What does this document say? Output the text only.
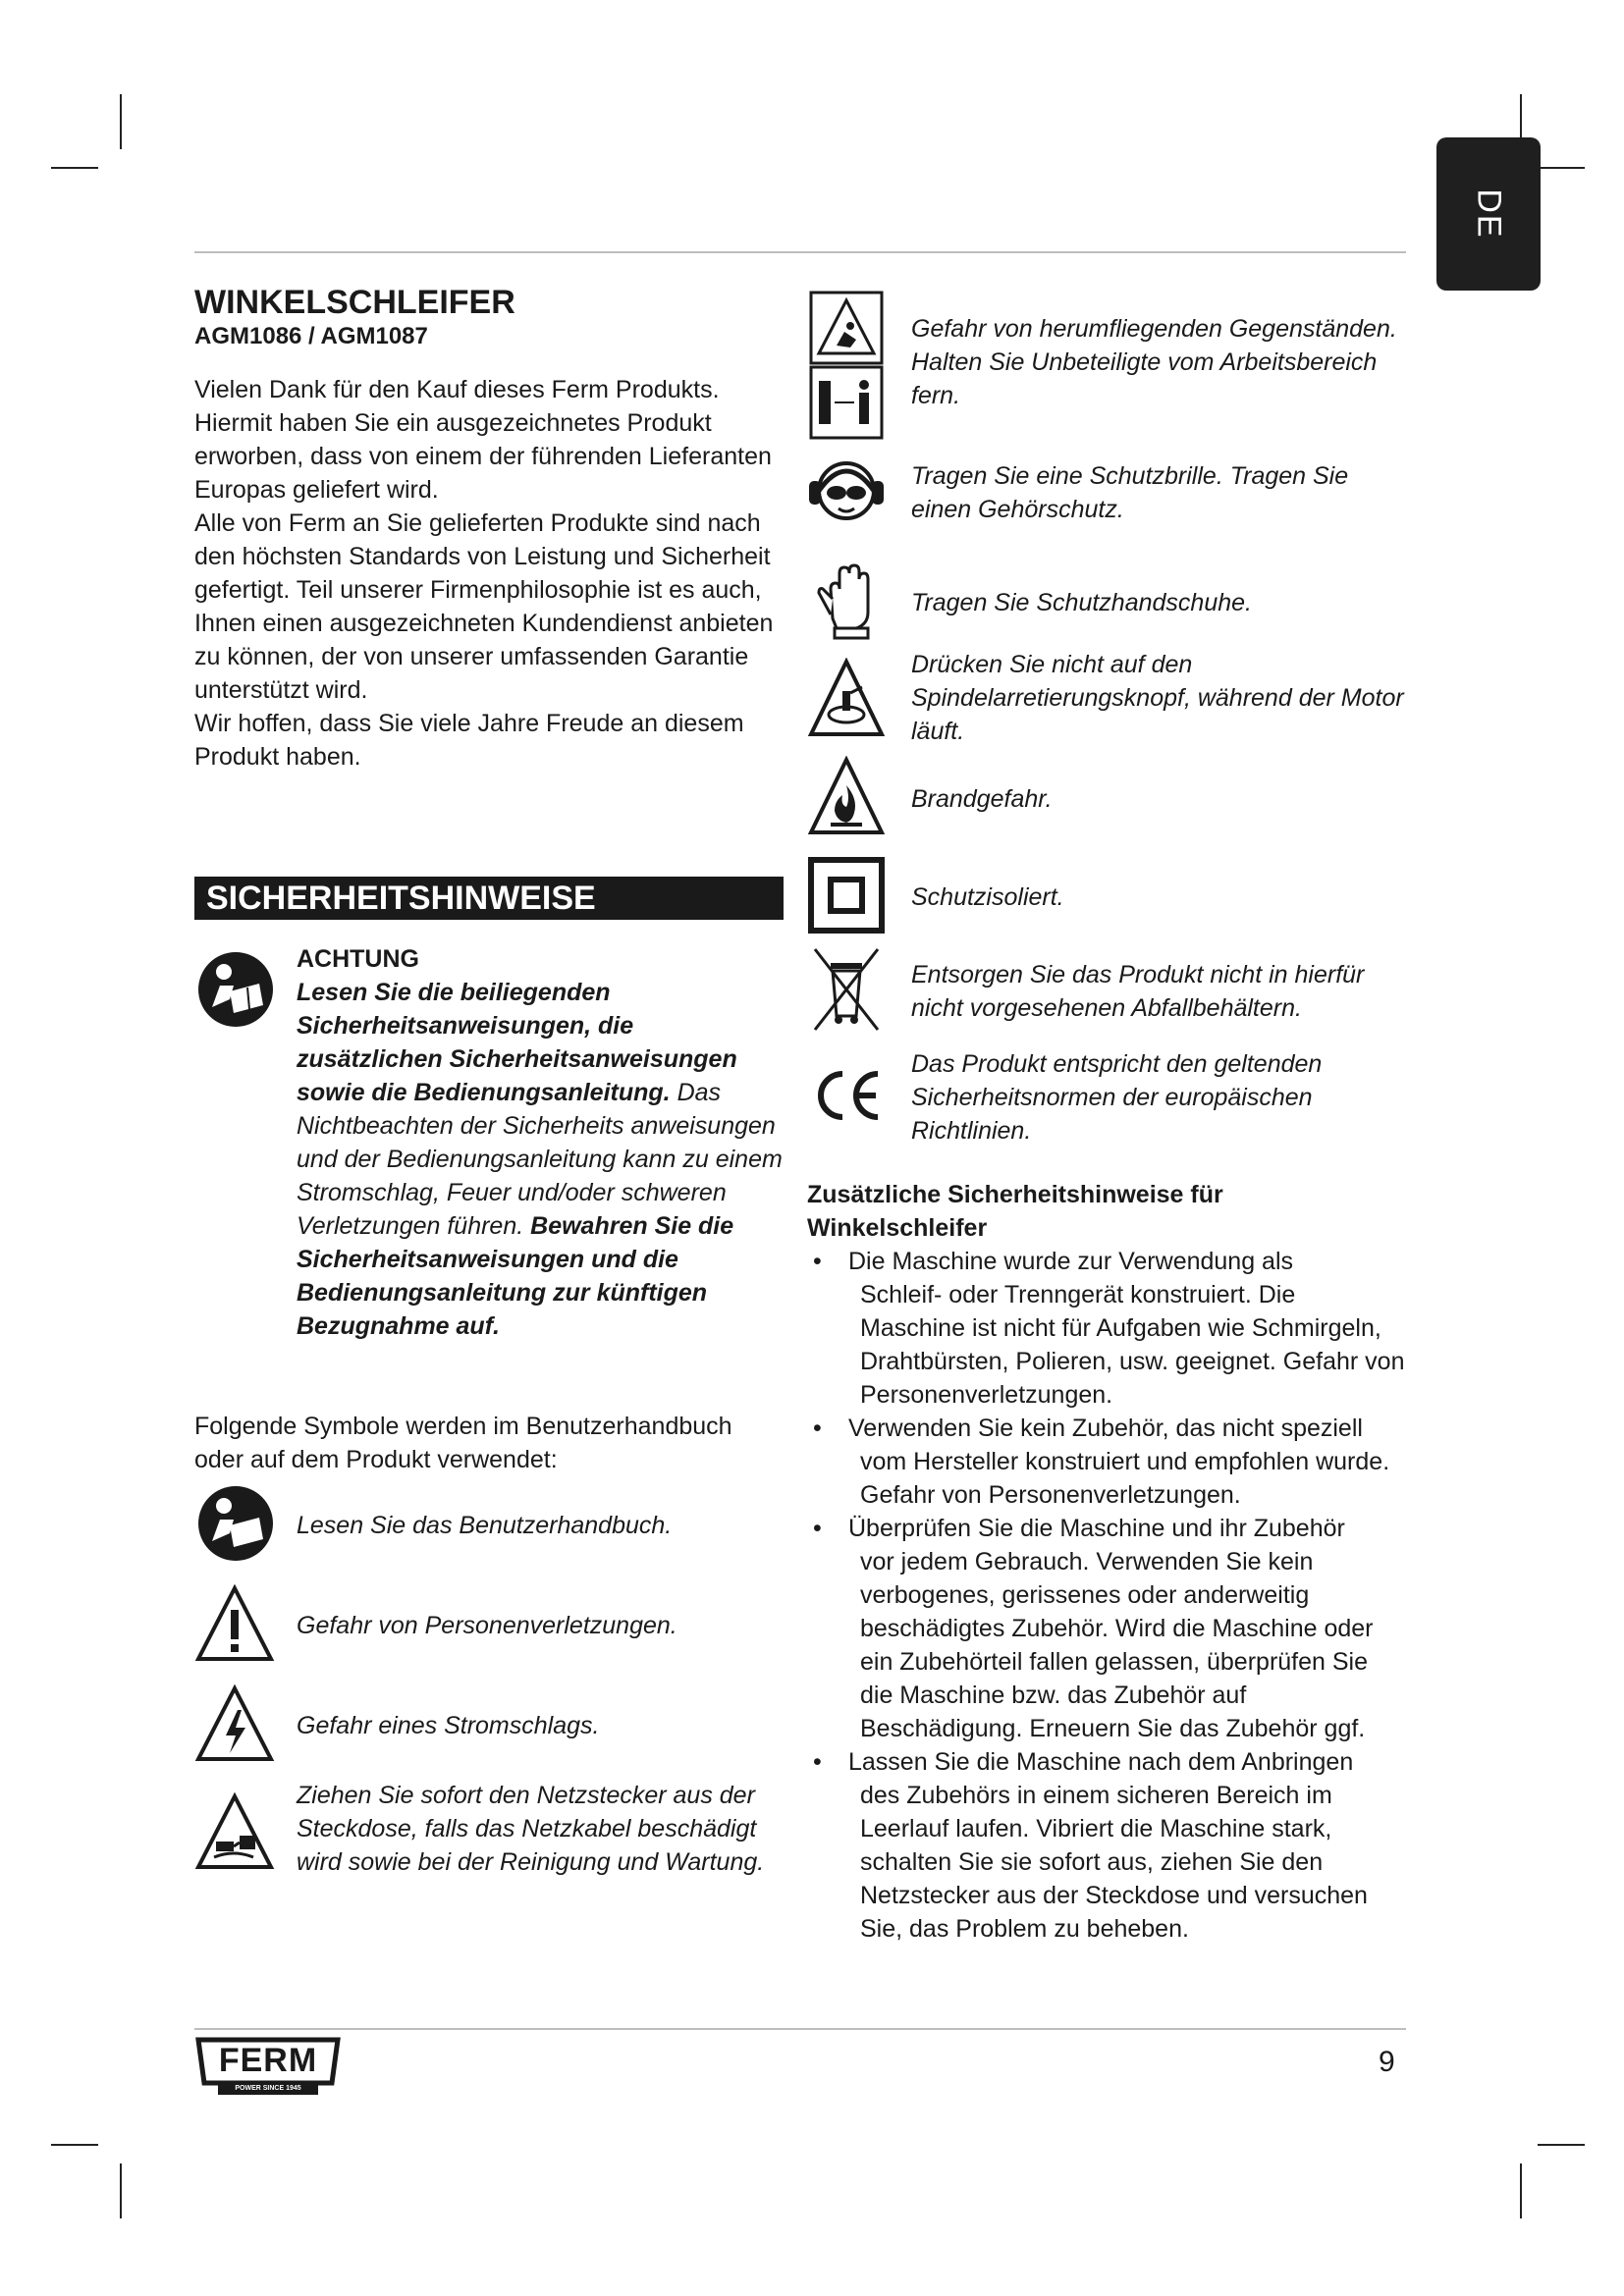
DE
WINKELSCHLEIFER
AGM1086 / AGM1087

Vielen Dank für den Kauf dieses Ferm Produkts. Hiermit haben Sie ein ausgezeichnetes Produkt erworben, dass von einem der führenden Lieferanten Europas geliefert wird.

Alle von Ferm an Sie gelieferten Produkte sind nach den höchsten Standards von Leistung und Sicherheit gefertigt. Teil unserer Firmenphilosophie ist es auch, Ihnen einen ausgezeichneten Kundendienst anbieten zu können, der von unserer umfassenden Garantie unterstützt wird.

Wir hoffen, dass Sie viele Jahre Freude an diesem Produkt haben.

SICHERHEITSHINWEISE
ACHTUNG
Lesen Sie die beiliegenden Sicherheitsanweisungen, die zusätzlichen Sicherheitsanweisungen sowie die Bedienungsanleitung. Das Nichtbeachten der Sicherheits anweisungen und der Bedienungsanleitung kann zu einem Stromschlag, Feuer und/oder schweren Verletzungen führen. Bewahren Sie die Sicherheitsanweisungen und die Bedienungsanleitung zur künftigen Bezugnahme auf.

Folgende Symbole werden im Benutzerhandbuch oder auf dem Produkt verwendet:

Lesen Sie das Benutzerhandbuch.
Gefahr von Personenverletzungen.
Gefahr eines Stromschlags.
Ziehen Sie sofort den Netzstecker aus der Steckdose, falls das Netzkabel beschädigt wird sowie bei der Reinigung und Wartung.
Gefahr von herumfliegenden Gegenständen. Halten Sie Unbeteiligte vom Arbeitsbereich fern.
Tragen Sie eine Schutzbrille. Tragen Sie einen Gehörschutz.
Tragen Sie Schutzhandschuhe.
Drücken Sie nicht auf den Spindelarretierungsknopf, während der Motor läuft.
Brandgefahr.
Schutzisoliert.
Entsorgen Sie das Produkt nicht in hierfür nicht vorgesehenen Abfallbehältern.
Das Produkt entspricht den geltenden Sicherheitsnormen der europäischen Richtlinien.
Zusätzliche Sicherheitshinweise für Winkelschleifer
• Die Maschine wurde zur Verwendung als
Schleif- oder Trenngerät konstruiert. Die Maschine ist nicht für Aufgaben wie Schmirgeln, Drahtbürsten, Polieren, usw. geeignet. Gefahr von Personenverletzungen.
• Verwenden Sie kein Zubehör, das nicht speziell
vom Hersteller konstruiert und empfohlen wurde. Gefahr von Personenverletzungen.
• Überprüfen Sie die Maschine und ihr Zubehör
vor jedem Gebrauch. Verwenden Sie kein verbogenes, gerissenes oder anderweitig beschädigtes Zubehör. Wird die Maschine oder ein Zubehörteil fallen gelassen, überprüfen Sie die Maschine bzw. das Zubehör auf Beschädigung. Erneuern Sie das Zubehör ggf.
• Lassen Sie die Maschine nach dem Anbringen
des Zubehörs in einem sicheren Bereich im Leerlauf laufen. Vibriert die Maschine stark, schalten Sie sie sofort aus, ziehen Sie den Netzstecker aus der Steckdose und versuchen Sie, das Problem zu beheben.
FERM
POWER SINCE 1945
9
